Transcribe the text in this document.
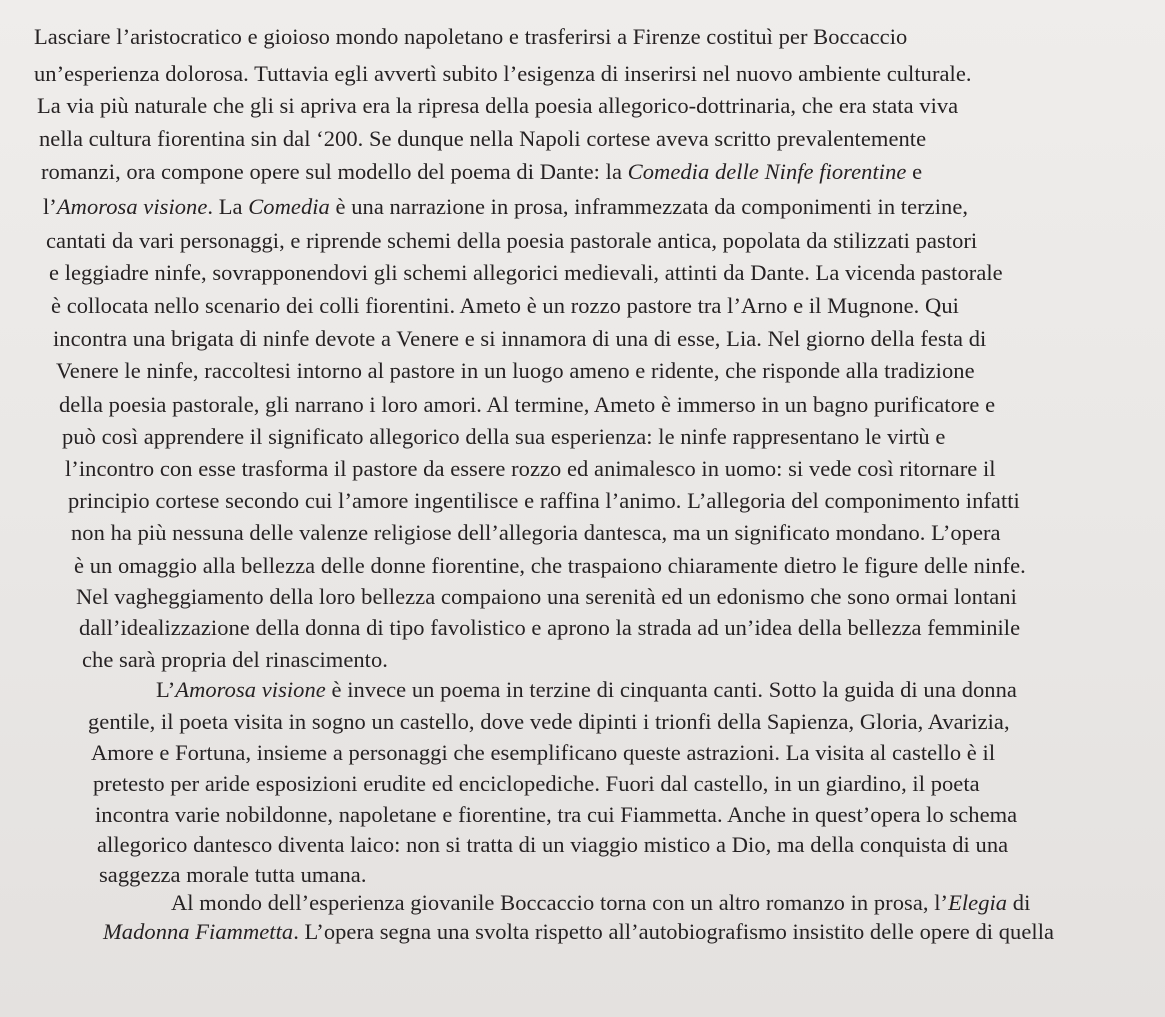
Lasciare l’aristocratico e gioioso mondo napoletano e trasferirsi a Firenze costituì per Boccaccio
un’esperienza dolorosa. Tuttavia egli avvertì subito l’esigenza di inserirsi nel nuovo ambiente culturale.
La via più naturale che gli si apriva era la ripresa della poesia allegorico-dottrinaria, che era stata viva
nella cultura fiorentina sin dal ‘200. Se dunque nella Napoli cortese aveva scritto prevalentemente
romanzi, ora compone opere sul modello del poema di Dante: la Comedia delle Ninfe fiorentine e
l’Amorosa visione. La Comedia è una narrazione in prosa, inframmezzata da componimenti in terzine,
cantati da vari personaggi, e riprende schemi della poesia pastorale antica, popolata da stilizzati pastori
e leggiadre ninfe, sovrapponendovi gli schemi allegorici medievali, attinti da Dante. La vicenda pastorale
è collocata nello scenario dei colli fiorentini. Ameto è un rozzo pastore tra l’Arno e il Mugnone. Qui
incontra una brigata di ninfe devote a Venere e si innamora di una di esse, Lia. Nel giorno della festa di
Venere le ninfe, raccoltesi intorno al pastore in un luogo ameno e ridente, che risponde alla tradizione
della poesia pastorale, gli narrano i loro amori. Al termine, Ameto è immerso in un bagno purificatore e
può così apprendere il significato allegorico della sua esperienza: le ninfe rappresentano le virtù e
l’incontro con esse trasforma il pastore da essere rozzo ed animalesco in uomo: si vede così ritornare il
principio cortese secondo cui l’amore ingentilisce e raffina l’animo. L’allegoria del componimento infatti
non ha più nessuna delle valenze religiose dell’allegoria dantesca, ma un significato mondano. L’opera
è un omaggio alla bellezza delle donne fiorentine, che traspaiono chiaramente dietro le figure delle ninfe.
Nel vagheggiamento della loro bellezza compaiono una serenità ed un edonismo che sono ormai lontani
dall’idealizzazione della donna di tipo favolistico e aprono la strada ad un’idea della bellezza femminile
che sarà propria del rinascimento.
L’Amorosa visione è invece un poema in terzine di cinquanta canti. Sotto la guida di una donna
gentile, il poeta visita in sogno un castello, dove vede dipinti i trionfi della Sapienza, Gloria, Avarizia,
Amore e Fortuna, insieme a personaggi che esemplificano queste astrazioni. La visita al castello è il
pretesto per aride esposizioni erudite ed enciclopediche. Fuori dal castello, in un giardino, il poeta
incontra varie nobildonne, napoletane e fiorentine, tra cui Fiammetta. Anche in quest’opera lo schema
allegorico dantesco diventa laico: non si tratta di un viaggio mistico a Dio, ma della conquista di una
saggezza morale tutta umana.
Al mondo dell’esperienza giovanile Boccaccio torna con un altro romanzo in prosa, l’Elegia di
Madonna Fiammetta. L’opera segna una svolta rispetto all’autobiografismo insistito delle opere di quella
